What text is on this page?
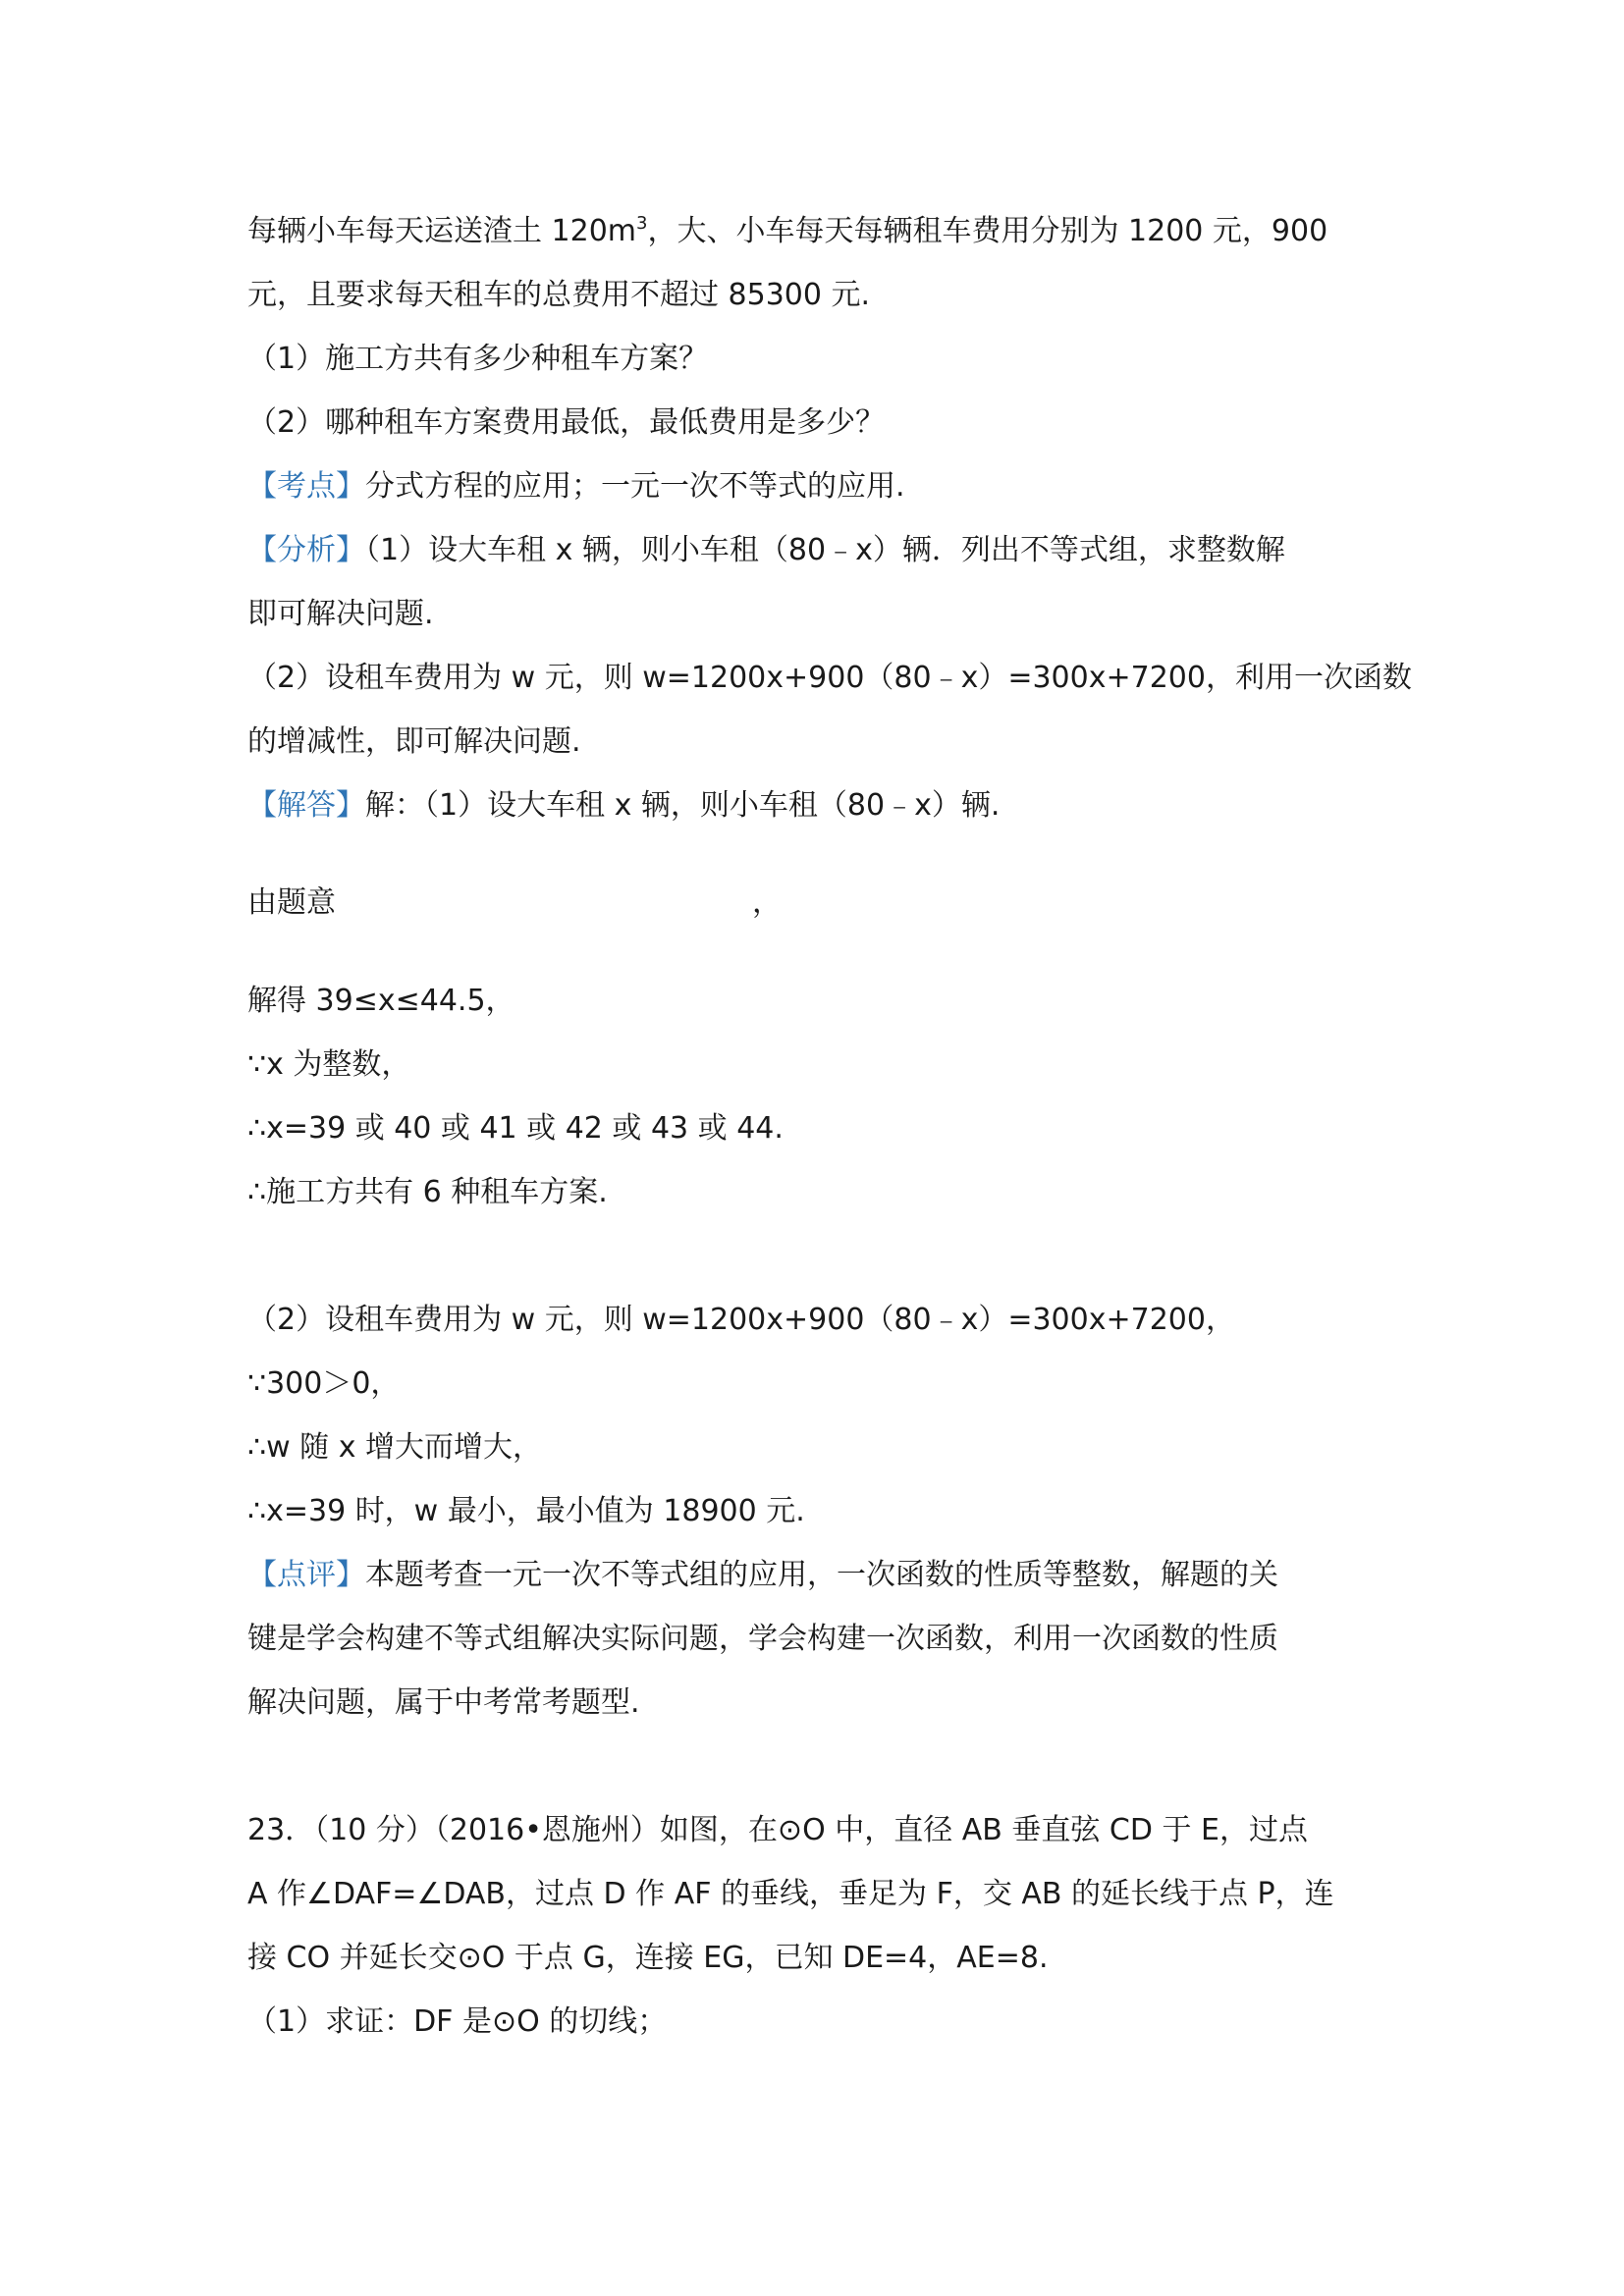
每辆小车每天运送渣土 $120m^3$，大、小车每天每辆租车费用分别为 1200 元，900
元，且要求每天租车的总费用不超过 85300 元.
（1）施工方共有多少种租车方案？
（2）哪种租车方案费用最低，最低费用是多少？
【考点】分式方程的应用；一元一次不等式的应用.
【分析】（1）设大车租 x 辆，则小车租（80﹣x）辆．列出不等式组，求整数解
即可解决问题.
（2）设租车费用为 w 元，则 w=1200x+900（80﹣x）=300x+7200，利用一次函数
的增减性，即可解决问题.
【解答】解：（1）设大车租 x 辆，则小车租（80﹣x）辆.
由题意	，
解得 39≤x≤44.5，
∵x 为整数，
∴x=39 或 40 或 41 或 42 或 43 或 44.
∴施工方共有 6 种租车方案.
（2）设租车费用为 w 元，则 w=1200x+900（80﹣x）=300x+7200，
∵300＞0，
∴w 随 x 增大而增大，
∴x=39 时，w 最小，最小值为 18900 元.
【点评】本题考查一元一次不等式组的应用，一次函数的性质等整数，解题的关
键是学会构建不等式组解决实际问题，学会构建一次函数，利用一次函数的性质
解决问题，属于中考常考题型.
23．（10 分）（2016•恩施州）如图，在⊙O 中，直径 AB 垂直弦 CD 于 E，过点
A 作∠DAF=∠DAB，过点 D 作 AF 的垂线，垂足为 F，交 AB 的延长线于点 P，连
接 CO 并延长交⊙O 于点 G，连接 EG，已知 DE=4，AE=8.
（1）求证：DF 是⊙O 的切线；
